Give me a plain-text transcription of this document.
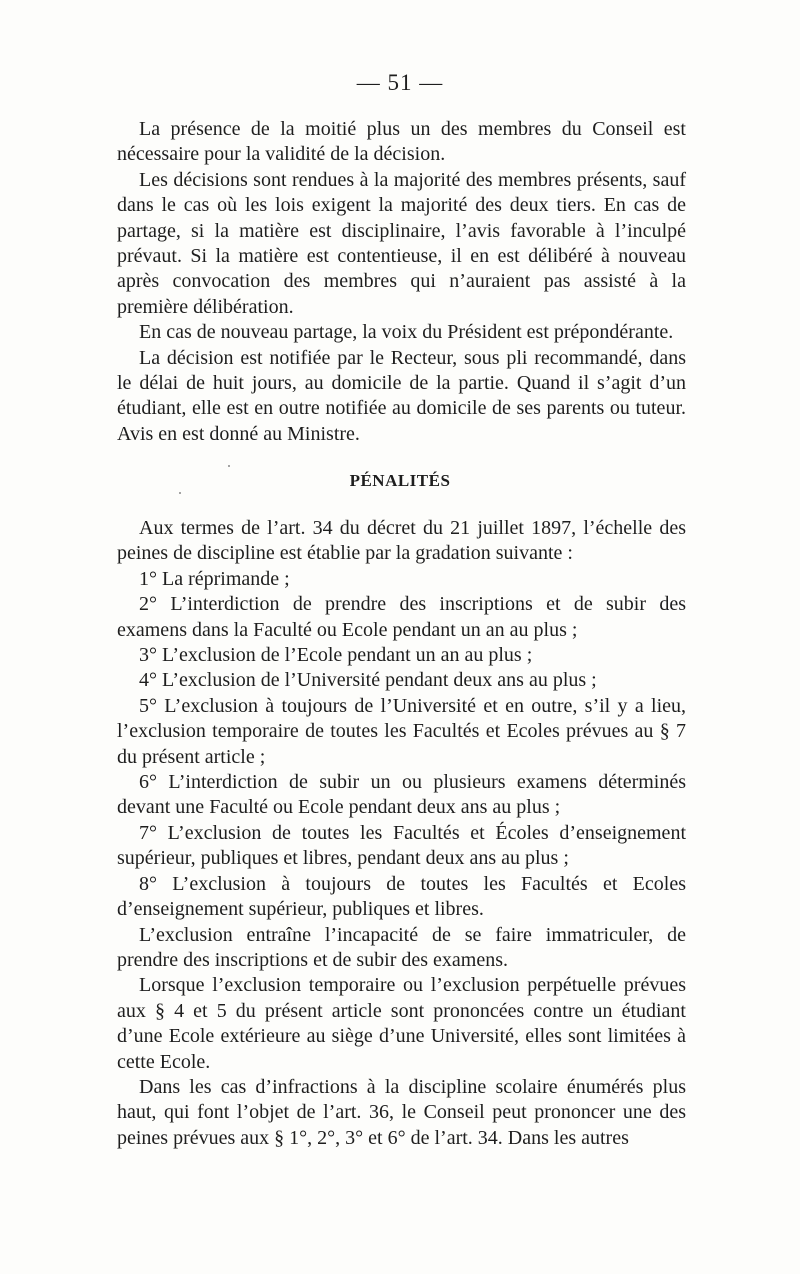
— 51 —

La présence de la moitié plus un des membres du Conseil est nécessaire pour la validité de la décision.

Les décisions sont rendues à la majorité des membres présents, sauf dans le cas où les lois exigent la majorité des deux tiers. En cas de partage, si la matière est disciplinaire, l’avis favorable à l’inculpé prévaut. Si la matière est contentieuse, il en est délibéré à nouveau après convocation des membres qui n’auraient pas assisté à la première délibération.

En cas de nouveau partage, la voix du Président est prépondérante.

La décision est notifiée par le Recteur, sous pli recommandé, dans le délai de huit jours, au domicile de la partie. Quand il s’agit d’un étudiant, elle est en outre notifiée au domicile de ses parents ou tuteur. Avis en est donné au Ministre.

PÉNALITÉS

Aux termes de l’art. 34 du décret du 21 juillet 1897, l’échelle des peines de discipline est établie par la gradation suivante :

1° La réprimande ;

2° L’interdiction de prendre des inscriptions et de subir des examens dans la Faculté ou Ecole pendant un an au plus ;

3° L’exclusion de l’Ecole pendant un an au plus ;

4° L’exclusion de l’Université pendant deux ans au plus ;

5° L’exclusion à toujours de l’Université et en outre, s’il y a lieu, l’exclusion temporaire de toutes les Facultés et Ecoles prévues au § 7 du présent article ;

6° L’interdiction de subir un ou plusieurs examens déterminés devant une Faculté ou Ecole pendant deux ans au plus ;

7° L’exclusion de toutes les Facultés et Écoles d’enseignement supérieur, publiques et libres, pendant deux ans au plus ;

8° L’exclusion à toujours de toutes les Facultés et Ecoles d’enseignement supérieur, publiques et libres.

L’exclusion entraîne l’incapacité de se faire immatriculer, de prendre des inscriptions et de subir des examens.

Lorsque l’exclusion temporaire ou l’exclusion perpétuelle prévues aux § 4 et 5 du présent article sont prononcées contre un étudiant d’une Ecole extérieure au siège d’une Université, elles sont limitées à cette Ecole.

Dans les cas d’infractions à la discipline scolaire énumérés plus haut, qui font l’objet de l’art. 36, le Conseil peut prononcer une des peines prévues aux § 1°, 2°, 3° et 6° de l’art. 34. Dans les autres
